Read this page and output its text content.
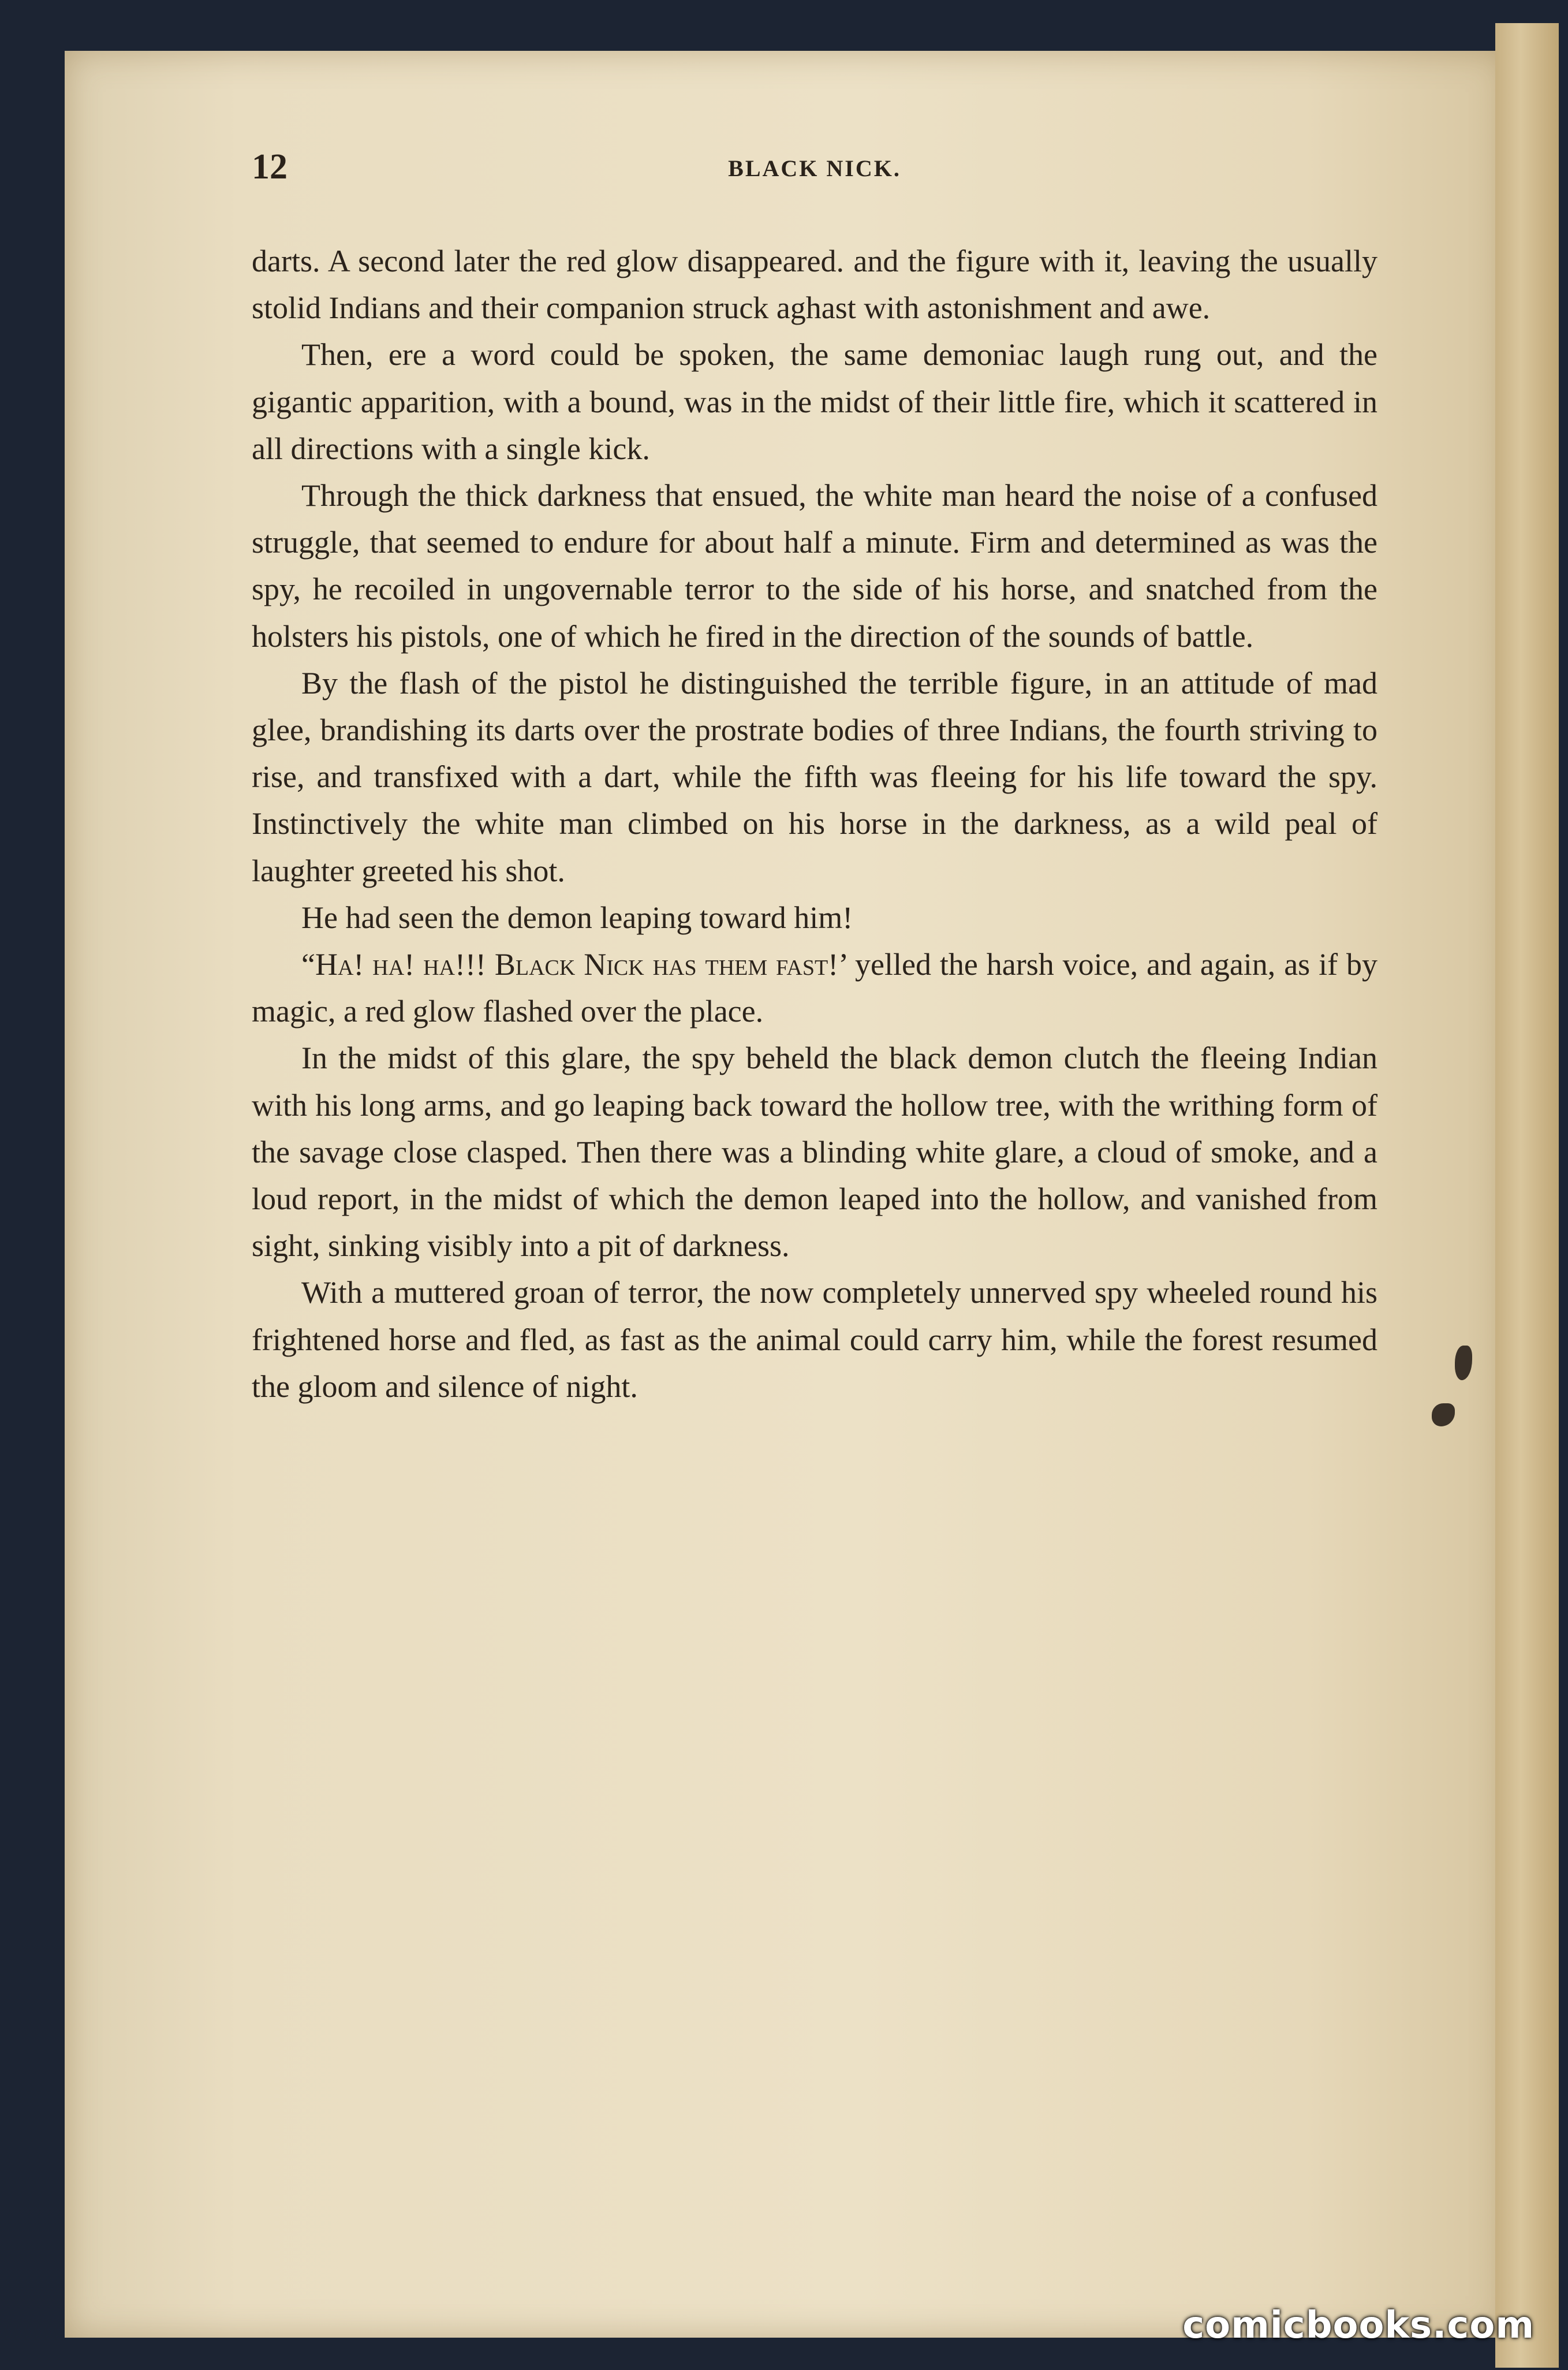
12	BLACK NICK.

darts. A second later the red glow disappeared. and the figure with it, leaving the usually stolid Indians and their companion struck aghast with astonishment and awe.

Then, ere a word could be spoken, the same demoniac laugh rung out, and the gigantic apparition, with a bound, was in the midst of their little fire, which it scattered in all directions with a single kick.

Through the thick darkness that ensued, the white man heard the noise of a confused struggle, that seemed to endure for about half a minute. Firm and determined as was the spy, he recoiled in ungovernable terror to the side of his horse, and snatched from the holsters his pistols, one of which he fired in the direction of the sounds of battle.

By the flash of the pistol he distinguished the terrible figure, in an attitude of mad glee, brandishing its darts over the prostrate bodies of three Indians, the fourth striving to rise, and transfixed with a dart, while the fifth was fleeing for his life toward the spy. Instinctively the white man climbed on his horse in the darkness, as a wild peal of laughter greeted his shot.

He had seen the demon leaping toward him!

“Ha! ha! ha!!! Black Nick has them fast!’ yelled the harsh voice, and again, as if by magic, a red glow flashed over the place.

In the midst of this glare, the spy beheld the black demon clutch the fleeing Indian with his long arms, and go leaping back toward the hollow tree, with the writhing form of the savage close clasped. Then there was a blinding white glare, a cloud of smoke, and a loud report, in the midst of which the demon leaped into the hollow, and vanished from sight, sinking visibly into a pit of darkness.

With a muttered groan of terror, the now completely unnerved spy wheeled round his frightened horse and fled, as fast as the animal could carry him, while the forest resumed the gloom and silence of night.

comicbooks.com
